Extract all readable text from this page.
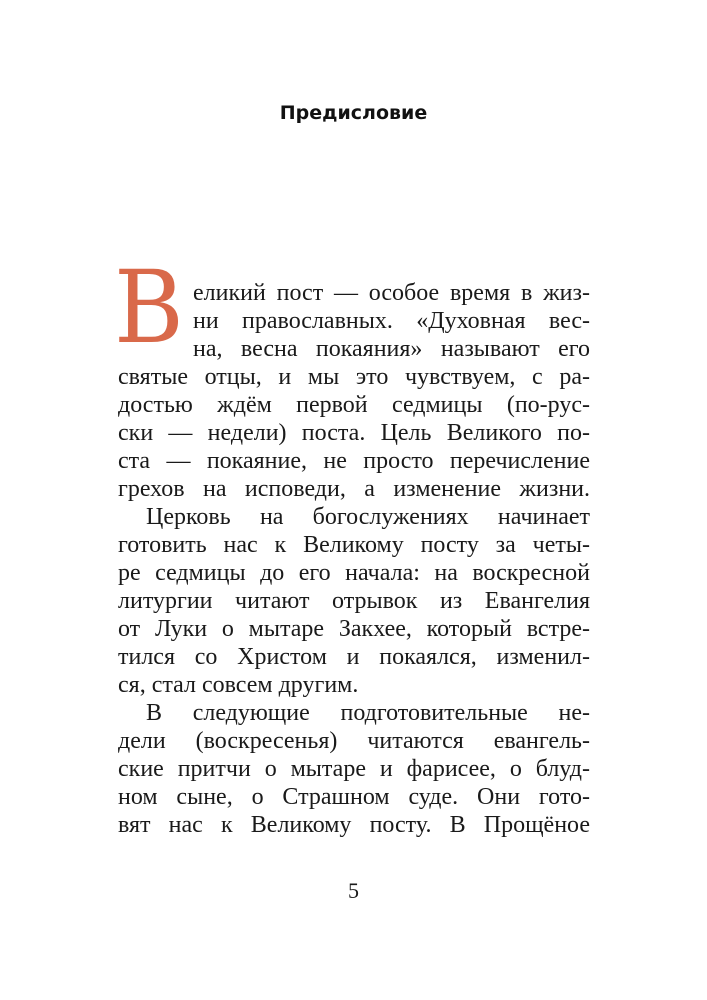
Предисловие
В еликий пост — особое время в жиз-
ни православных. «Духовная вес-
на, весна покаяния» называют его
святые отцы, и мы это чувствуем, с ра-
достью ждём первой седмицы (по-рус-
ски — недели) поста. Цель Великого по-
ста — покаяние, не просто перечисление
грехов на исповеди, а изменение жизни.
Церковь на богослужениях начинает
готовить нас к Великому посту за четы-
ре седмицы до его начала: на воскресной
литургии читают отрывок из Евангелия
от Луки о мытаре Закхее, который встре-
тился со Христом и покаялся, изменил-
ся, стал совсем другим.
В следующие подготовительные не-
дели (воскресенья) читаются евангель-
ские притчи о мытаре и фарисее, о блуд-
ном сыне, о Страшном суде. Они гото-
вят нас к Великому посту. В Прощёное
5
